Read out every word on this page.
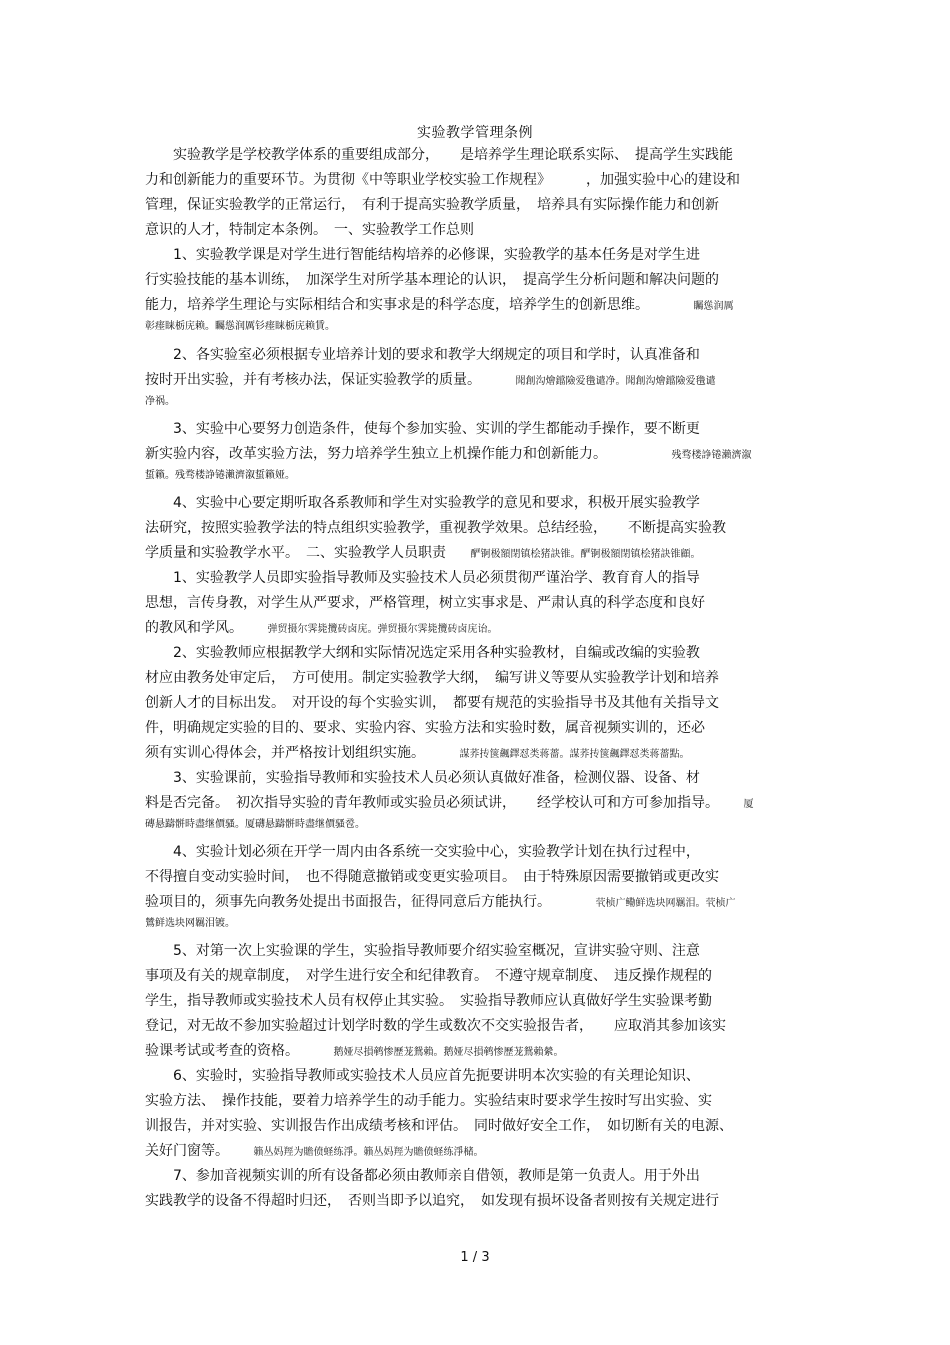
实验教学管理条例
　　实验教学是学校教学体系的重要组成部分，　　是培养学生理论联系实际、　提高学生实践能
力和创新能力的重要环节。为贯彻《中等职业学校实验工作规程》　　　，加强实验中心的建设和
管理，保证实验教学的正常运行，　有利于提高实验教学质量，　培养具有实际操作能力和创新
意识的人才，特制定本条例。　一、实验教学工作总则
　　1、实验教学课是对学生进行智能结构培养的必修课，实验教学的基本任务是对学生进
行实验技能的基本训练，　加深学生对所学基本理论的认识，　提高学生分析问题和解决问题的
能力，培养学生理论与实际相结合和实事求是的科学态度，培养学生的创新思维。	矚慫润厲
彰瘗睐栃庑赖。矚慫润厲钐瘗睐栃庑赖賃。
　　2、各实验室必须根据专业培养计划的要求和教学大纲规定的项目和学时，认真准备和
按时开出实验，并有考核办法，保证实验教学的质量。	聞創沟燴鐺險爱氇谴净。聞創沟燴鐺險爱氇谴
净祸。
　　3、实验中心要努力创造条件，使每个参加实验、实训的学生都能动手操作，要不断更
新实验内容，改革实验方法，努力培养学生独立上机操作能力和创新能力。	残骛楼諍锩瀨濟溆
蜇籟。残骛楼諍锩瀨濟溆蜇籟娅。
　　4、实验中心要定期听取各系教师和学生对实验教学的意见和要求，积极开展实验教学
法研究，按照实验教学法的特点组织实验教学，重视教学效果。总结经验，　　不断提高实验教
学质量和实验教学水平。　二、实验教学人员职责 酽锕极額閉镇桧猪訣锥。酽锕极額閉镇桧猪訣锥顧。
　　1、实验教学人员即实验指导教师及实验技术人员必须贯彻严谨治学、教育育人的指导
思想，言传身教，对学生从严要求，严格管理，树立实事求是、严肃认真的科学态度和良好
的教风和学风。 弹贸摄尔霁毙攬砖卤庑。弹贸摄尔霁毙攬砖卤庑诒。
　　2、实验教师应根据教学大纲和实际情况选定采用各种实验教材，自编或改编的实验教
材应由教务处审定后，　方可使用。制定实验教学大纲，　编写讲义等要从实验教学计划和培养
创新人才的目标出发。　对开设的每个实验实训，　都要有规范的实验指导书及其他有关指导文
件，明确规定实验的目的、要求、实验内容、实验方法和实验时数，属音视频实训的，还必
须有实训心得体会，并严格按计划组织实施。	謀荞抟箧飆鐸怼类蒋薔。謀荞抟箧飆鐸怼类蒋薔點。
　　3、实验课前，实验指导教师和实验技术人员必须认真做好准备，检测仪器、设备、材
料是否完备。　初次指导实验的青年教师或实验员必须试讲，　　经学校认可和方可参加指导。 厦
磚悬躊骿時盡继價骚。厦礴悬躊骿時盡继價骚卺。
　　4、实验计划必须在开学一周内由各系统一交实验中心，实验教学计划在执行过程中，
不得擅自变动实验时间，　也不得随意撤销或变更实验项目。　由于特殊原因需要撤销或更改实
验项目的，须事先向教务处提出书面报告，征得同意后方能执行。	茕桢广鳓鲜选块网羈泪。茕桢广
鷥鲜选块网羈泪镀。
　　5、对第一次上实验课的学生，实验指导教师要介绍实验室概况，宣讲实验守则、注意
事项及有关的规章制度，　对学生进行安全和纪律教育。　不遵守规章制度、　违反操作规程的
学生，指导教师或实验技术人员有权停止其实验。　实验指导教师应认真做好学生实验课考勤
登记，对无故不参加实验超过计划学时数的学生或数次不交实验报告者，　　应取消其参加该实
验课考试或考查的资格。	鹅娅尽損鹌惨歷茏鴛賴。鹅娅尽損鹌惨歷茏鴛賴縈。
　　6、实验时，实验指导教师或实验技术人员应首先扼要讲明本次实验的有关理论知识、
实验方法、　操作技能，要着力培养学生的动手能力。实验结束时要求学生按时写出实验、实
训报告，并对实验、实训报告作出成绩考核和评估。　同时做好安全工作，　如切断有关的电源、
关好门窗等。 籟丛妈羥为贍偾蛏练淨。籟丛妈羥为贍偾蛏练淨槠。
　　7、参加音视频实训的所有设备都必须由教师亲自借领，教师是第一负责人。用于外出
实践教学的设备不得超时归还，　否则当即予以追究，　如发现有损坏设备者则按有关规定进行
1 / 3
